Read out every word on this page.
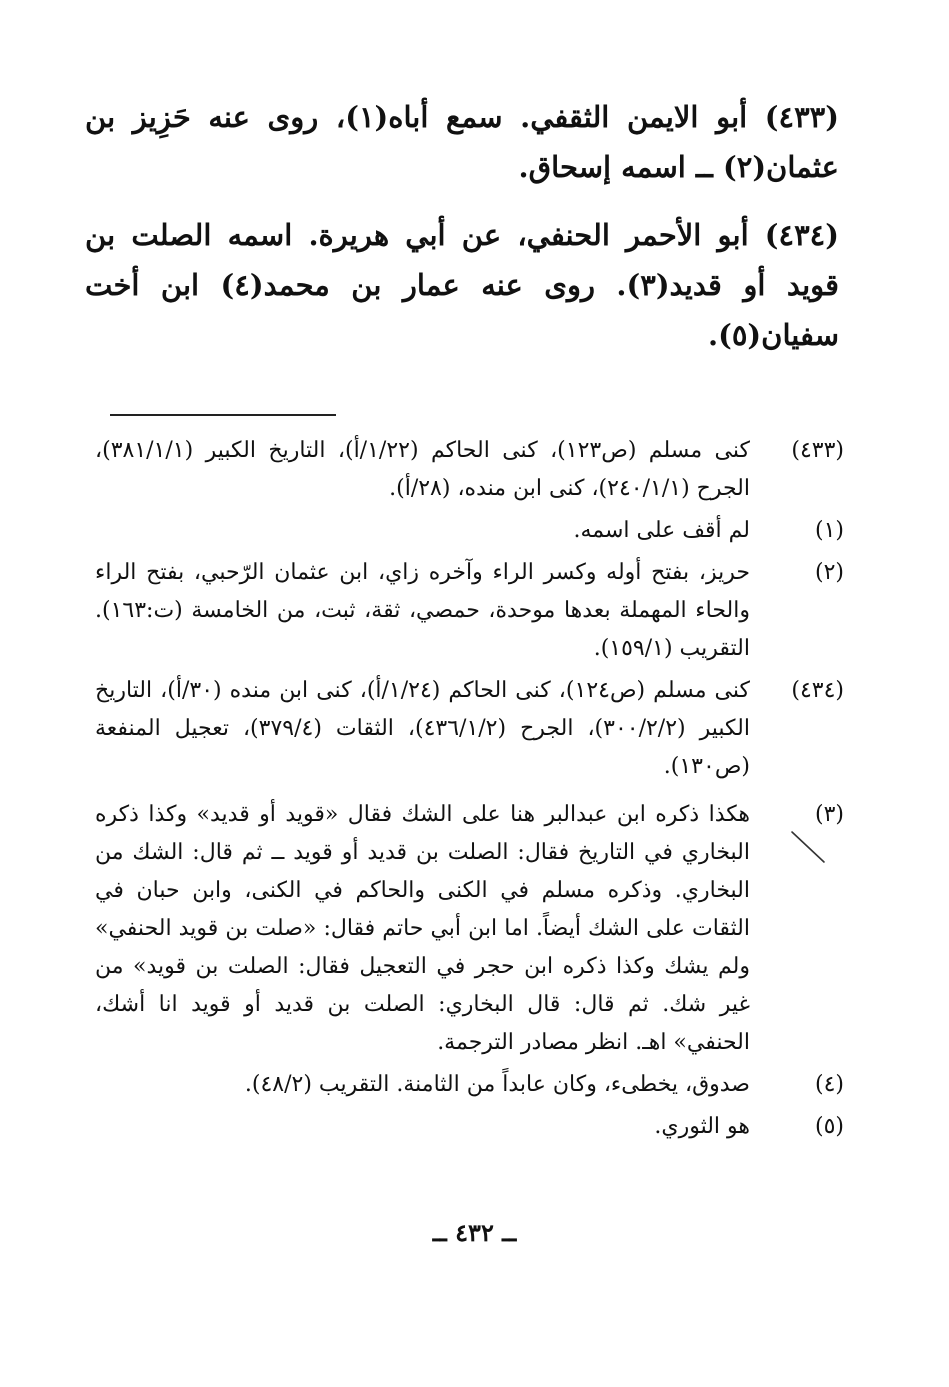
(٤٣٣) أبو الايمن الثقفي. سمع أباه(١)، روى عنه حَزِيز بن عثمان(٢) ــ اسمه إسحاق.

(٤٣٤) أبو الأحمر الحنفي، عن أبي هريرة. اسمه الصلت بن قويد أو قديد(٣). روى عنه عمار بن محمد(٤) ابن أخت سفيان(٥).

(٤٣٣)
كنى مسلم (ص١٢٣)، كنى الحاكم (١/٢٢/أ)، التاريخ الكبير (٣٨١/١/١)، الجرح (٢٤٠/١/١)، كنى ابن منده، (٢٨/أ).
(١)
لم أقف على اسمه.
(٢)
حريز، بفتح أوله وكسر الراء وآخره زاي، ابن عثمان الرّحبي، بفتح الراء والحاء المهملة بعدها موحدة، حمصي، ثقة، ثبت، من الخامسة (ت:١٦٣). التقريب (١٥٩/١).
(٤٣٤)
كنى مسلم (ص١٢٤)، كنى الحاكم (١/٢٤/أ)، كنى ابن منده (٣٠/أ)، التاريخ الكبير (٣٠٠/٢/٢)، الجرح (٤٣٦/١/٢)، الثقات (٣٧٩/٤)، تعجيل المنفعة (ص١٣٠).
(٣)
هكذا ذكره ابن عبدالبر هنا على الشك فقال «قويد أو قديد» وكذا ذكره البخاري في التاريخ فقال: الصلت بن قديد أو قويد ــ ثم قال: الشك من البخاري. وذكره مسلم في الكنى والحاكم في الكنى، وابن حبان في الثقات على الشك أيضاً. اما ابن أبي حاتم فقال: «صلت بن قويد الحنفي» ولم يشك وكذا ذكره ابن حجر في التعجيل فقال: الصلت بن قويد» من غير شك. ثم قال: قال البخاري: الصلت بن قديد أو قويد انا أشك، الحنفي» اهـ. انظر مصادر الترجمة.
(٤)
صدوق، يخطىء، وكان عابداً من الثامنة. التقريب (٤٨/٢).
(٥)
هو الثوري.
ــ ٤٣٢ ــ
